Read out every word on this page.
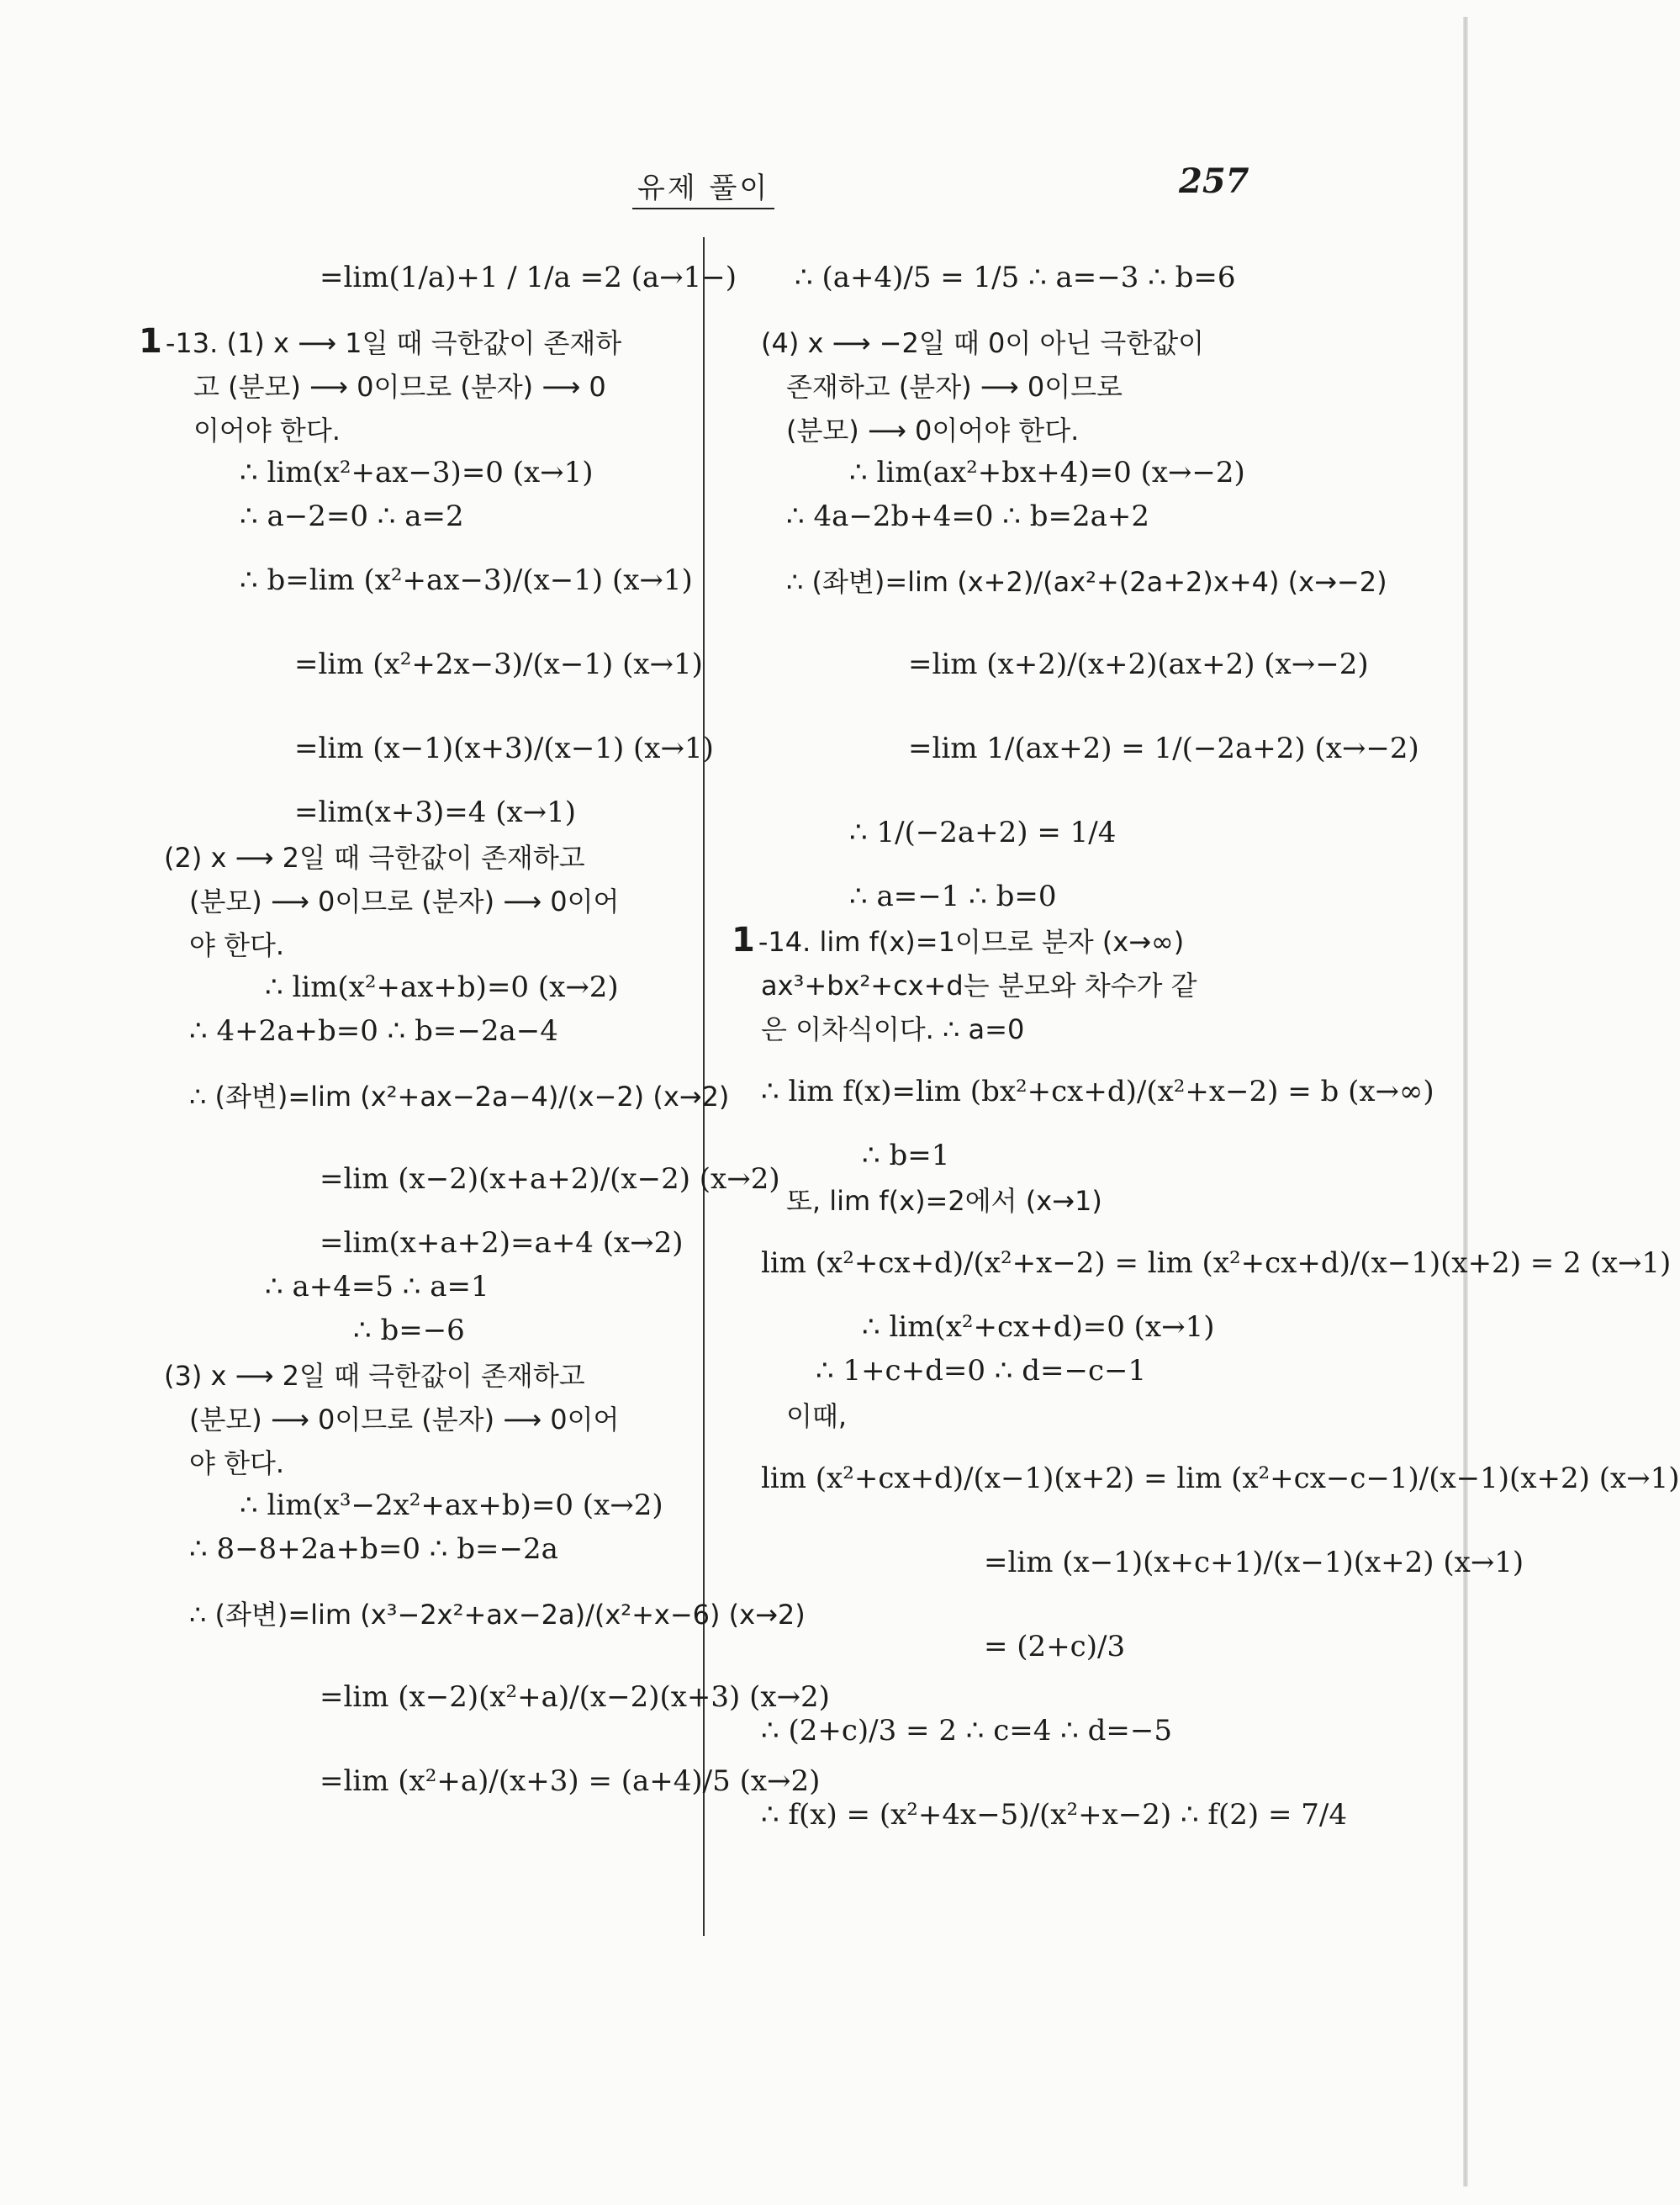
유제 풀이	257
=lim(1/a)+1 / 1/a =2 (a→1−)
1 -13. (1) x ⟶ 1일 때 극한값이 존재하
고 (분모) ⟶ 0이므로 (분자) ⟶ 0
이어야 한다.
∴ lim(x²+ax−3)=0 (x→1)
∴ a−2=0 ∴ a=2
∴ b=lim (x²+ax−3)/(x−1) (x→1)
=lim (x²+2x−3)/(x−1) (x→1)
=lim (x−1)(x+3)/(x−1) (x→1)
=lim(x+3)=4 (x→1)
(2) x ⟶ 2일 때 극한값이 존재하고
(분모) ⟶ 0이므로 (분자) ⟶ 0이어
야 한다.
∴ lim(x²+ax+b)=0 (x→2)
∴ 4+2a+b=0 ∴ b=−2a−4
∴ (좌변)=lim (x²+ax−2a−4)/(x−2) (x→2)
=lim (x−2)(x+a+2)/(x−2) (x→2)
=lim(x+a+2)=a+4 (x→2)
∴ a+4=5 ∴ a=1
∴ b=−6
(3) x ⟶ 2일 때 극한값이 존재하고
(분모) ⟶ 0이므로 (분자) ⟶ 0이어
야 한다.
∴ lim(x³−2x²+ax+b)=0 (x→2)
∴ 8−8+2a+b=0 ∴ b=−2a
∴ (좌변)=lim (x³−2x²+ax−2a)/(x²+x−6) (x→2)
=lim (x−2)(x²+a)/(x−2)(x+3) (x→2)
=lim (x²+a)/(x+3) = (a+4)/5 (x→2)
∴ (a+4)/5 = 1/5 ∴ a=−3 ∴ b=6
(4) x ⟶ −2일 때 0이 아닌 극한값이
존재하고 (분자) ⟶ 0이므로
(분모) ⟶ 0이어야 한다.
∴ lim(ax²+bx+4)=0 (x→−2)
∴ 4a−2b+4=0 ∴ b=2a+2
∴ (좌변)=lim (x+2)/(ax²+(2a+2)x+4) (x→−2)
=lim (x+2)/(x+2)(ax+2) (x→−2)
=lim 1/(ax+2) = 1/(−2a+2) (x→−2)
∴ 1/(−2a+2) = 1/4
∴ a=−1 ∴ b=0
1 -14. lim f(x)=1이므로 분자 (x→∞)
ax³+bx²+cx+d는 분모와 차수가 같
은 이차식이다. ∴ a=0
∴ lim f(x)=lim (bx²+cx+d)/(x²+x−2) = b (x→∞)
∴ b=1
또, lim f(x)=2에서 (x→1)
lim (x²+cx+d)/(x²+x−2) = lim (x²+cx+d)/(x−1)(x+2) = 2 (x→1)
∴ lim(x²+cx+d)=0 (x→1)
∴ 1+c+d=0 ∴ d=−c−1
이때,
lim (x²+cx+d)/(x−1)(x+2) = lim (x²+cx−c−1)/(x−1)(x+2) (x→1)
=lim (x−1)(x+c+1)/(x−1)(x+2) (x→1)
= (2+c)/3
∴ (2+c)/3 = 2 ∴ c=4 ∴ d=−5
∴ f(x) = (x²+4x−5)/(x²+x−2) ∴ f(2) = 7/4
